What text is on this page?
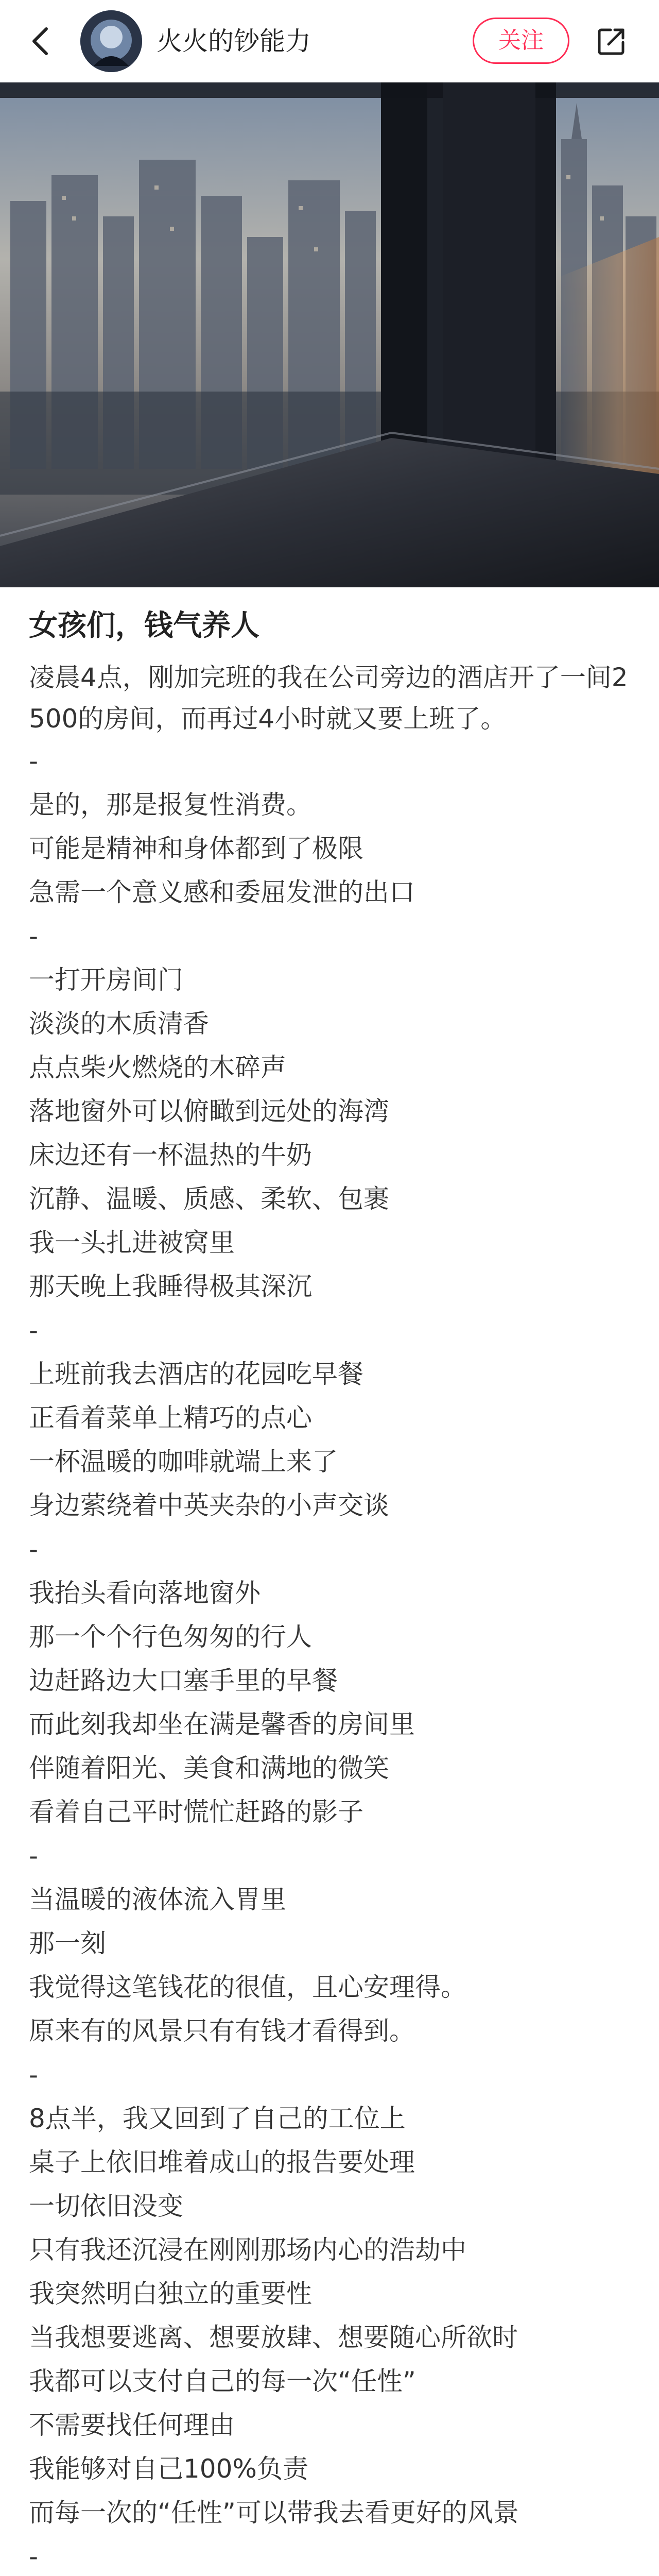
火火的钞能力	关注
女孩们，钱气养人

凌晨4点，刚加完班的我在公司旁边的酒店开了一间2500的房间，而再过4小时就又要上班了。

-
是的，那是报复性消费。
可能是精神和身体都到了极限
急需一个意义感和委屈发泄的出口
-
一打开房间门
淡淡的木质清香
点点柴火燃烧的木碎声
落地窗外可以俯瞰到远处的海湾
床边还有一杯温热的牛奶
沉静、温暖、质感、柔软、包裹
我一头扎进被窝里
那天晚上我睡得极其深沉
-
上班前我去酒店的花园吃早餐
正看着菜单上精巧的点心
一杯温暖的咖啡就端上来了
身边萦绕着中英夹杂的小声交谈
-
我抬头看向落地窗外
那一个个行色匆匆的行人
边赶路边大口塞手里的早餐
而此刻我却坐在满是馨香的房间里
伴随着阳光、美食和满地的微笑
看着自己平时慌忙赶路的影子
-
当温暖的液体流入胃里
那一刻
我觉得这笔钱花的很值，且心安理得。
原来有的风景只有有钱才看得到。
-
8点半，我又回到了自己的工位上
桌子上依旧堆着成山的报告要处理
一切依旧没变
只有我还沉浸在刚刚那场内心的浩劫中
我突然明白独立的重要性
当我想要逃离、想要放肆、想要随心所欲时
我都可以支付自己的每一次“任性”
不需要找任何理由
我能够对自己100%负责
而每一次的“任性”可以带我去看更好的风景
-
